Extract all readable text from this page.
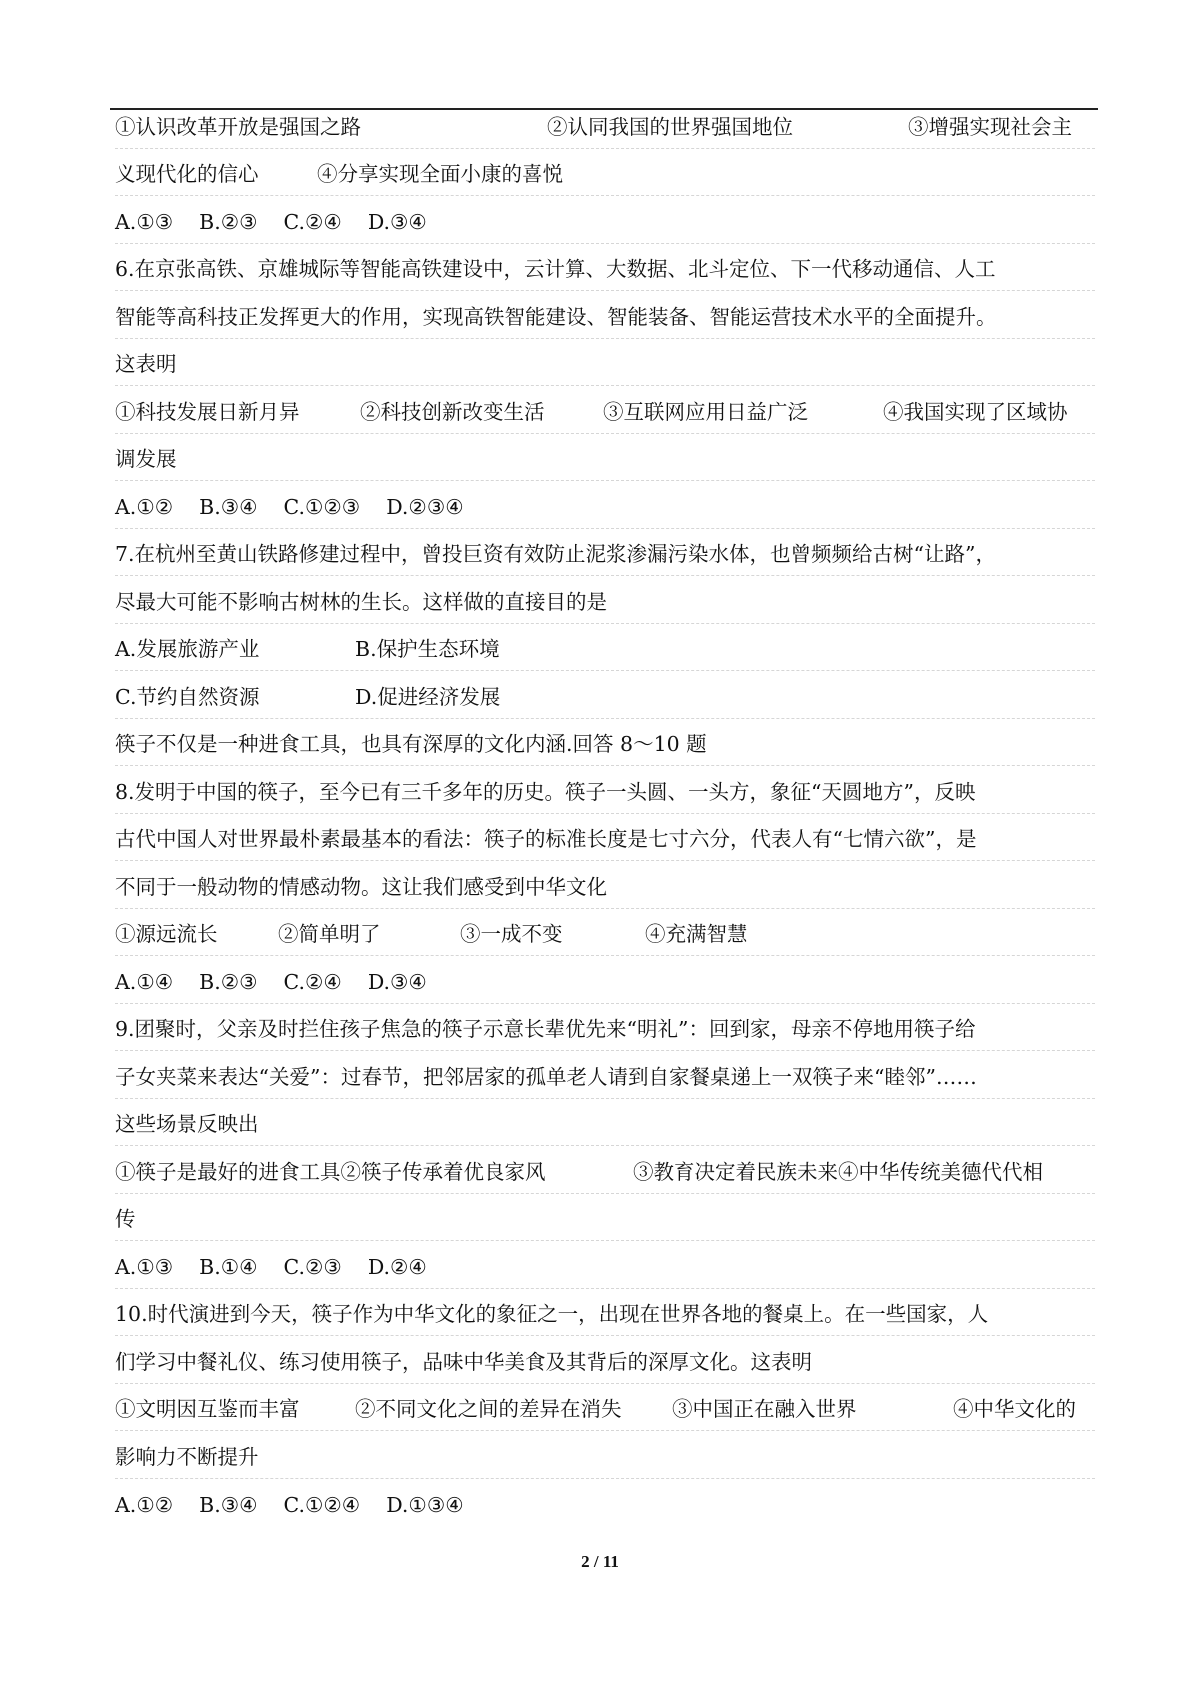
①认识改革开放是强国之路	②认同我国的世界强国地位	③增强实现社会主
义现代化的信心	④分享实现全面小康的喜悦
A.①③    B.②③    C.②④    D.③④
6.在京张高铁、京雄城际等智能高铁建设中，云计算、大数据、北斗定位、下一代移动通信、人工
智能等高科技正发挥更大的作用，实现高铁智能建设、智能装备、智能运营技术水平的全面提升。
这表明
①科技发展日新月异	②科技创新改变生活	③互联网应用日益广泛	④我国实现了区域协
调发展
A.①②    B.③④    C.①②③    D.②③④
7.在杭州至黄山铁路修建过程中，曾投巨资有效防止泥浆渗漏污染水体，也曾频频给古树“让路”，
尽最大可能不影响古树林的生长。这样做的直接目的是
A.发展旅游产业	B.保护生态环境
C.节约自然资源	D.促进经济发展
筷子不仅是一种进食工具，也具有深厚的文化内涵.回答 8～10 题
8.发明于中国的筷子，至今已有三千多年的历史。筷子一头圆、一头方，象征“天圆地方”，反映
古代中国人对世界最朴素最基本的看法：筷子的标准长度是七寸六分，代表人有“七情六欲”，是
不同于一般动物的情感动物。这让我们感受到中华文化
①源远流长	②简单明了	③一成不变	④充满智慧
A.①④    B.②③    C.②④    D.③④
9.团聚时，父亲及时拦住孩子焦急的筷子示意长辈优先来“明礼”：回到家，母亲不停地用筷子给
子女夹菜来表达“关爱”：过春节，把邻居家的孤单老人请到自家餐桌递上一双筷子来“睦邻”……
这些场景反映出
①筷子是最好的进食工具②筷子传承着优良家风	③教育决定着民族未来④中华传统美德代代相
传
A.①③    B.①④    C.②③    D.②④
10.时代演进到今天，筷子作为中华文化的象征之一，出现在世界各地的餐桌上。在一些国家，人
们学习中餐礼仪、练习使用筷子，品味中华美食及其背后的深厚文化。这表明
①文明因互鉴而丰富	②不同文化之间的差异在消失 ③中国正在融入世界	④中华文化的
影响力不断提升
A.①②    B.③④    C.①②④    D.①③④
2 / 11
